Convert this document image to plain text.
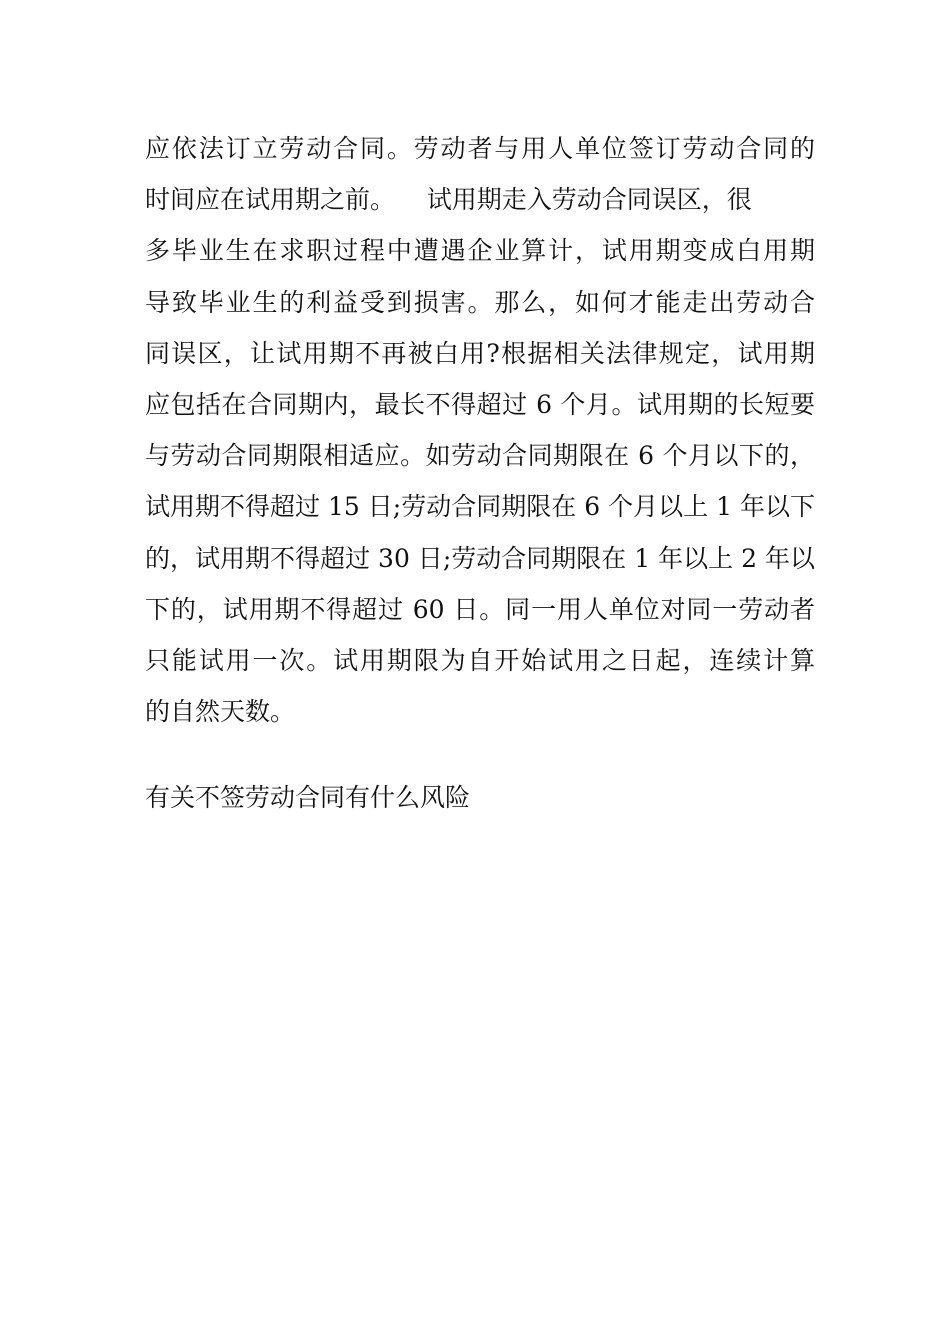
应依法订立劳动合同。劳动者与用人单位签订劳动合同的
时间应在试用期之前。    试用期走入劳动合同误区，很
多毕业生在求职过程中遭遇企业算计，试用期变成白用期
导致毕业生的利益受到损害。那么，如何才能走出劳动合
同误区，让试用期不再被白用?根据相关法律规定，试用期
应包括在合同期内，最长不得超过 6 个月。试用期的长短要
与劳动合同期限相适应。如劳动合同期限在 6 个月以下的，
试用期不得超过 15 日;劳动合同期限在 6 个月以上 1 年以下
的，试用期不得超过 30 日;劳动合同期限在 1 年以上 2 年以
下的，试用期不得超过 60 日。同一用人单位对同一劳动者
只能试用一次。试用期限为自开始试用之日起，连续计算
的自然天数。
有关不签劳动合同有什么风险
